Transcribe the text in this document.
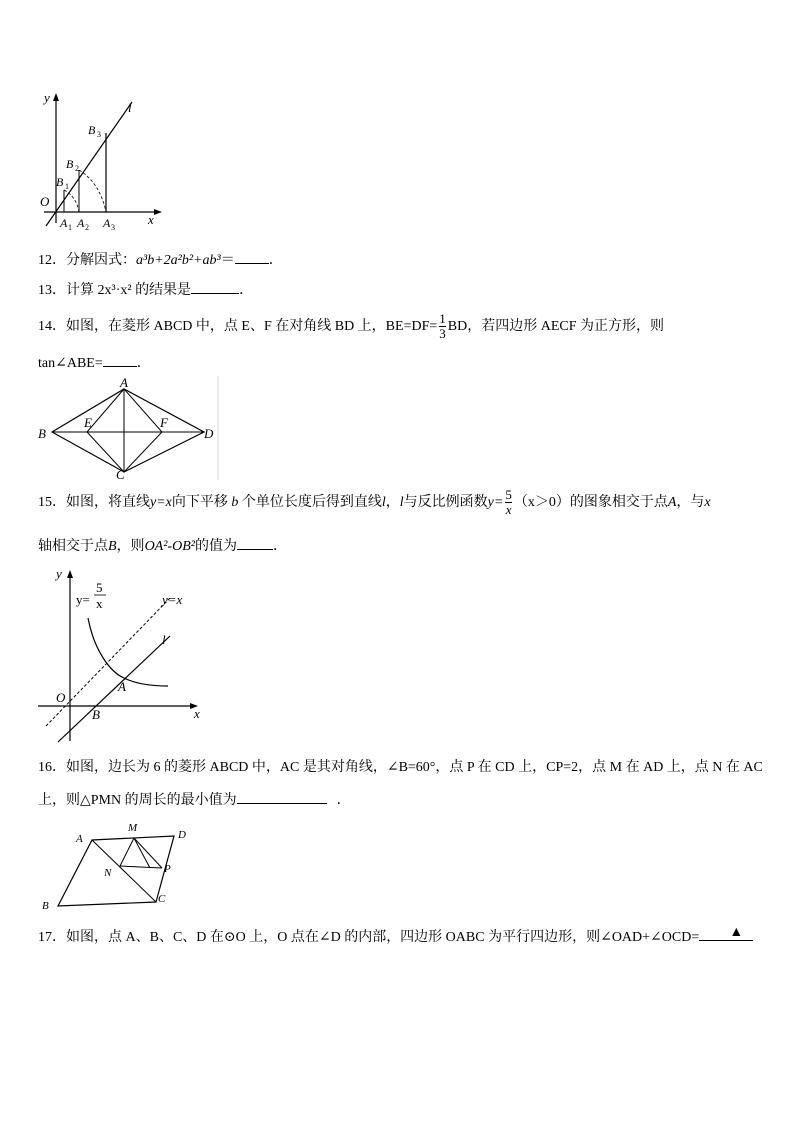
y
x
l
O
B 1
B 2
B 3
A 1 A 2 A 3
12．分解因式：a³b+2a²b²+ab³＝ ．
13．计算 2x³·x² 的结果是	．
14．如图，在菱形 ABCD 中，点 E、F 在对角线 BD 上，$BE=DF= \frac{1}{3}$ BD，若四边形 AECF 为正方形，则
tan∠ABE= ．
A
B
C
D
E	F
15．如图，将直线y=x向下平移 b 个单位长度后得到直线l，l与反比例函数$y= \frac{5}{x} (x>0)$的图象相交于点A，与x
轴相交于点B，则OA²-OB²的值为	．
y
x
O
A
B
l
y=x
y=
5
x
16．如图，边长为 6 的菱形 ABCD 中，AC 是其对角线，∠B=60°，点 P 在 CD 上，CP=2，点 M 在 AD 上，点 N 在 AC
上，则△PMN 的周长的最小值为	．
A
B
C
D
M
N	P
17．如图，点 A、B、C、D 在⊙O 上，O 点在∠D 的内部，四边形 OABC 为平行四边形，则∠OAD+∠OCD= ▲
